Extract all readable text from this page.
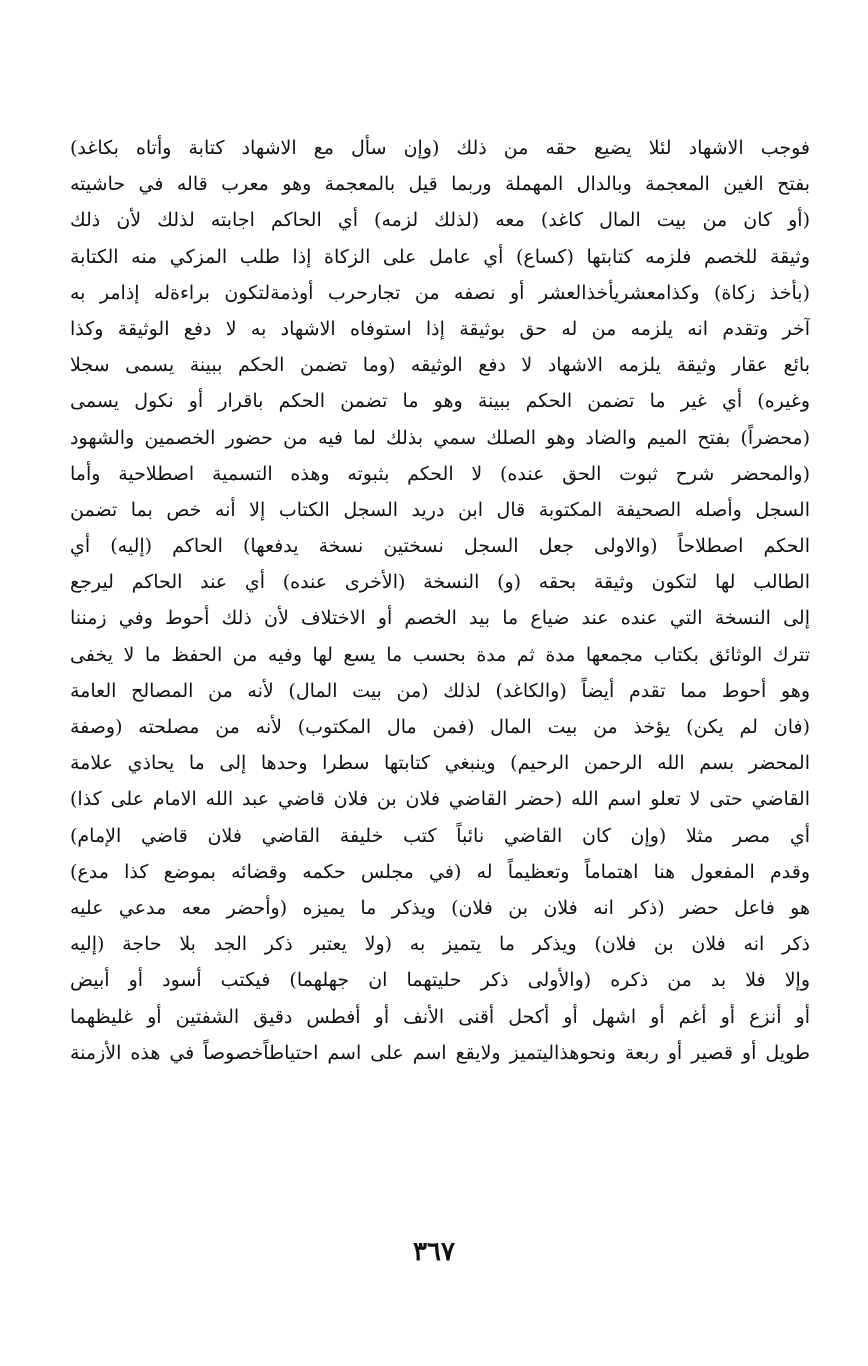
فوجب الاشهاد لئلا يضيع حقه من ذلك (وإن سأل مع الاشهاد كتابة وأتاه بكاغد)
بفتح الغين المعجمة وبالدال المهملة وربما قيل بالمعجمة وهو معرب قاله في حاشيته
(أو كان من بيت المال كاغد) معه (لذلك لزمه) أي الحاكم اجابته لذلك لأن ذلك
وثيقة للخصم فلزمه كتابتها (كساع) أي عامل على الزكاة إذا طلب المزكي منه الكتابة
(بأخذ زكاة) وكذامعشريأخذالعشر أو نصفه من تجارحرب أوذمةلتكون براءةله إذامر به
آخر وتقدم انه يلزمه من له حق بوثيقة إذا استوفاه الاشهاد به لا دفع الوثيقة وكذا
بائع عقار وثيقة يلزمه الاشهاد لا دفع الوثيقه (وما تضمن الحكم ببينة يسمى سجلا
وغيره) أي غير ما تضمن الحكم ببينة وهو ما تضمن الحكم باقرار أو نكول يسمى
(محضراً) بفتح الميم والضاد وهو الصلك سمي بذلك لما فيه من حضور الخصمين والشهود
(والمحضر شرح ثبوت الحق عنده) لا الحكم بثبوته وهذه التسمية اصطلاحية وأما
السجل وأصله الصحيفة المكتوبة قال ابن دريد السجل الكتاب إلا أنه خص بما تضمن
الحكم اصطلاحاً (والاولى جعل السجل نسختين نسخة يدفعها) الحاكم (إليه) أي
الطالب لها لتكون وثيقة بحقه (و) النسخة (الأخرى عنده) أي عند الحاكم ليرجع
إلى النسخة التي عنده عند ضياع ما بيد الخصم أو الاختلاف لأن ذلك أحوط وفي زمننا
تترك الوثائق بكتاب مجمعها مدة ثم مدة بحسب ما يسع لها وفيه من الحفظ ما لا يخفى
وهو أحوط مما تقدم أيضاً (والكاغد) لذلك (من بيت المال) لأنه من المصالح العامة
(فان لم يكن) يؤخذ من بيت المال (فمن مال المكتوب) لأنه من مصلحته (وصفة
المحضر بسم الله الرحمن الرحيم) وينبغي كتابتها سطرا وحدها إلى ما يحاذي علامة
القاضي حتى لا تعلو اسم الله (حضر القاضي فلان بن فلان قاضي عبد الله الامام على كذا)
أي مصر مثلا (وإن كان القاضي نائباً كتب خليفة القاضي فلان قاضي الإمام)
وقدم المفعول هنا اهتماماً وتعظيماً له (في مجلس حكمه وقضائه بموضع كذا مدع)
هو فاعل حضر (ذكر انه فلان بن فلان) ويذكر ما يميزه (وأحضر معه مدعي عليه
ذكر انه فلان بن فلان) ويذكر ما يتميز به (ولا يعتبر ذكر الجد بلا حاجة (إليه
وإلا فلا بد من ذكره (والأولى ذكر حليتهما ان جهلهما) فيكتب أسود أو أبيض
أو أنزع أو أغم أو اشهل أو أكحل أقنى الأنف أو أفطس دقيق الشفتين أو غليظهما
طويل أو قصير أو ربعة ونحوهذاليتميز ولايقع اسم على اسم احتياطاًخصوصاً في هذه الأزمنة
٣٦٧
